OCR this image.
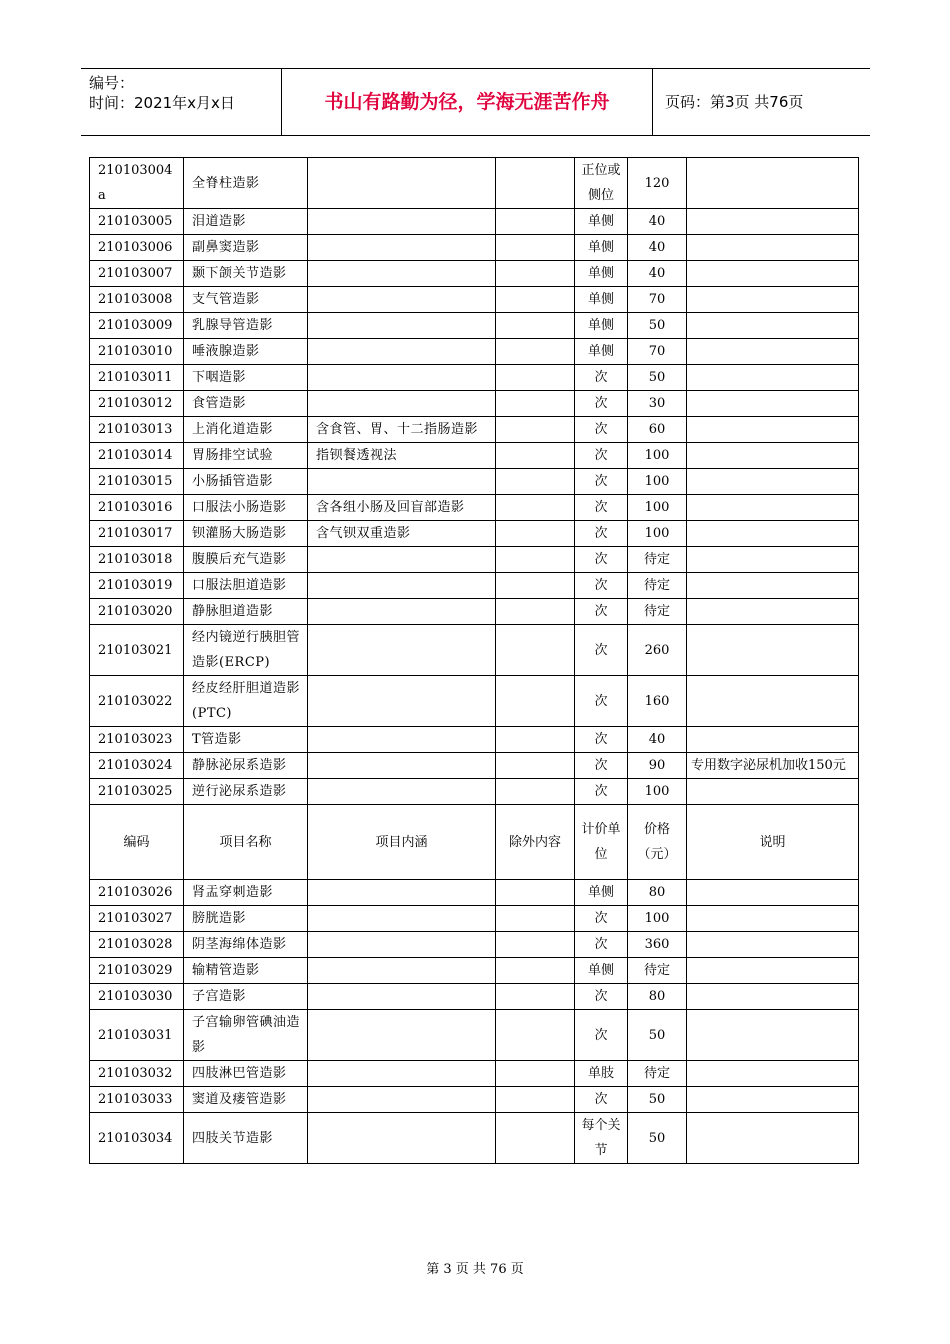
编号：
时间：2021年x月x日	书山有路勤为径，学海无涯苦作舟	页码：第3页 共76页
210103004a	全脊柱造影			正位或侧位	120	
210103005	泪道造影			单侧	40	
210103006	副鼻窦造影			单侧	40	
210103007	颞下颌关节造影			单侧	40	
210103008	支气管造影			单侧	70	
210103009	乳腺导管造影			单侧	50	
210103010	唾液腺造影			单侧	70	
210103011	下咽造影			次	50	
210103012	食管造影			次	30	
210103013	上消化道造影	含食管、胃、十二指肠造影		次	60	
210103014	胃肠排空试验	指钡餐透视法		次	100	
210103015	小肠插管造影			次	100	
210103016	口服法小肠造影	含各组小肠及回盲部造影		次	100	
210103017	钡灌肠大肠造影	含气钡双重造影		次	100	
210103018	腹膜后充气造影			次	待定	
210103019	口服法胆道造影			次	待定	
210103020	静脉胆道造影			次	待定	
210103021	经内镜逆行胰胆管造影(ERCP)			次	260	
210103022	经皮经肝胆道造影(PTC)			次	160	
210103023	T管造影			次	40	
210103024	静脉泌尿系造影			次	90	专用数字泌尿机加收150元
210103025	逆行泌尿系造影			次	100	
编码	项目名称	项目内涵	除外内容	计价单位	价格（元）	说明
210103026	肾盂穿刺造影			单侧	80	
210103027	膀胱造影			次	100	
210103028	阴茎海绵体造影			次	360	
210103029	输精管造影			单侧	待定	
210103030	子宫造影			次	80	
210103031	子宫输卵管碘油造影			次	50	
210103032	四肢淋巴管造影			单肢	待定	
210103033	窦道及瘘管造影			次	50	
210103034	四肢关节造影			每个关节	50	
第 3 页 共 76 页
